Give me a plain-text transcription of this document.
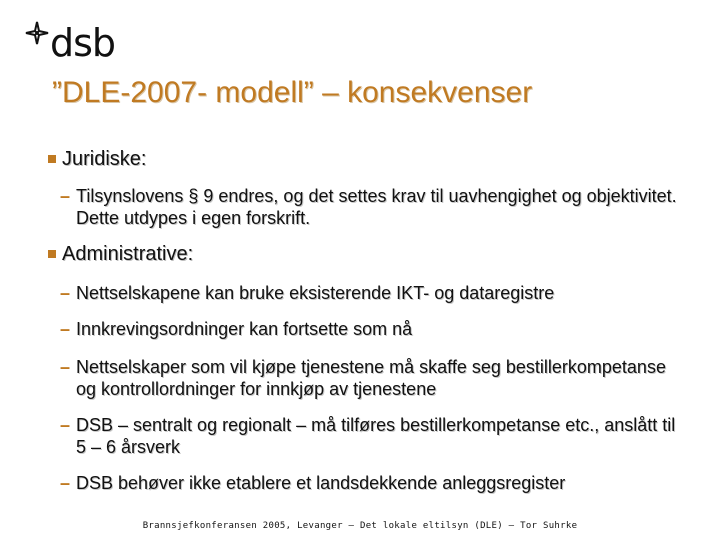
dsb
”DLE-2007- modell” – konsekvenser
Juridiske:
– Tilsynslovens § 9 endres, og det settes krav til uavhengighet og objektivitet. Dette utdypes i egen forskrift.
Administrative:
– Nettselskapene kan bruke eksisterende IKT- og dataregistre
– Innkrevingsordninger kan fortsette som nå
– Nettselskaper som vil kjøpe tjenestene må skaffe seg bestillerkompetanse og kontrollordninger for innkjøp av tjenestene
– DSB – sentralt og regionalt – må tilføres bestillerkompetanse etc., anslått til 5 – 6 årsverk
– DSB behøver ikke etablere et landsdekkende anleggsregister
Brannsjefkonferansen 2005, Levanger – Det lokale eltilsyn (DLE) – Tor Suhrke
